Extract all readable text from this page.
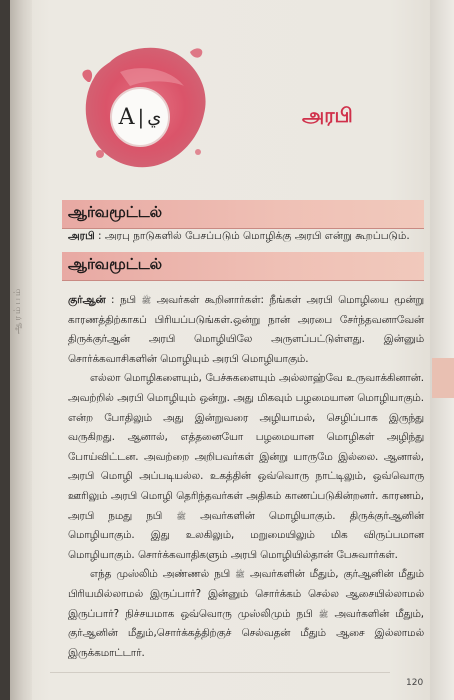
ஆரம்பம்
A | ي	அரபி
ஆர்வமூட்டல்
அரபி : அரபு நாடுகளில் பேசப்படும் மொழிக்கு அரபி என்று கூறப்படும்.
ஆர்வமூட்டல்

குர்ஆன் : நபி ﷺ அவர்கள் கூறினார்கள்: நீங்கள் அரபி மொழியை மூன்று காரணத்திற்காகப் பிரியப்படுங்கள்.ஒன்று நான் அரபை சேர்ந்தவனாவேன் திருக்குர்ஆன் அரபி மொழியிலே அருளப்பட்டுள்ளது. இன்னும் சொர்க்கவாசிகளின் மொழியும் அரபி மொழியாகும்.

எல்லா மொழிகளையும், பேச்சுகளையும் அல்லாஹ்வே உருவாக்கினான். அவற்றில் அரபி மொழியும் ஒன்று. அது மிகவும் பழமையான மொழியாகும். என்ற போதிலும் அது இன்றுவரை அழியாமல், செழிப்பாக இருந்து வருகிறது. ஆனால், எத்தனையோ பழமையான மொழிகள் அழிந்து போய்விட்டன. அவற்றை அறிபவர்கள் இன்று யாருமே இல்லை. ஆனால், அரபி மொழி அப்படியல்ல. உகத்தின் ஒவ்வொரு நாட்டிலும், ஒவ்வொரு ஊரிலும் அரபி மொழி தெரிந்தவர்கள் அதிகம் காணப்படுகின்றனர். காரணம், அரபி நமது நபி ﷺ அவர்களின் மொழியாகும். திருக்குர்ஆனின் மொழியாகும். இது உலகிலும், மறுமையிலும் மிக விருப்பமான மொழியாகும். சொர்க்கவாதிகளும் அரபி மொழியில்தான் பேசுவார்கள்.

எந்த முஸ்லிம் அண்ணல் நபி ﷺ அவர்களின் மீதும், குர்ஆனின் மீதும் பிரியமில்லாமல் இருப்பார்? இன்னும் சொர்க்கம் செல்ல ஆசையில்லாமல் இருப்பார்? நிச்சயமாக ஒவ்வொரு முஸ்லிமும் நபி ﷺ அவர்களின் மீதும், குர்ஆனின் மீதும்,சொர்க்கத்திற்குச் செல்வதன் மீதும் ஆசை இல்லாமல் இருக்கமாட்டார்.

120
